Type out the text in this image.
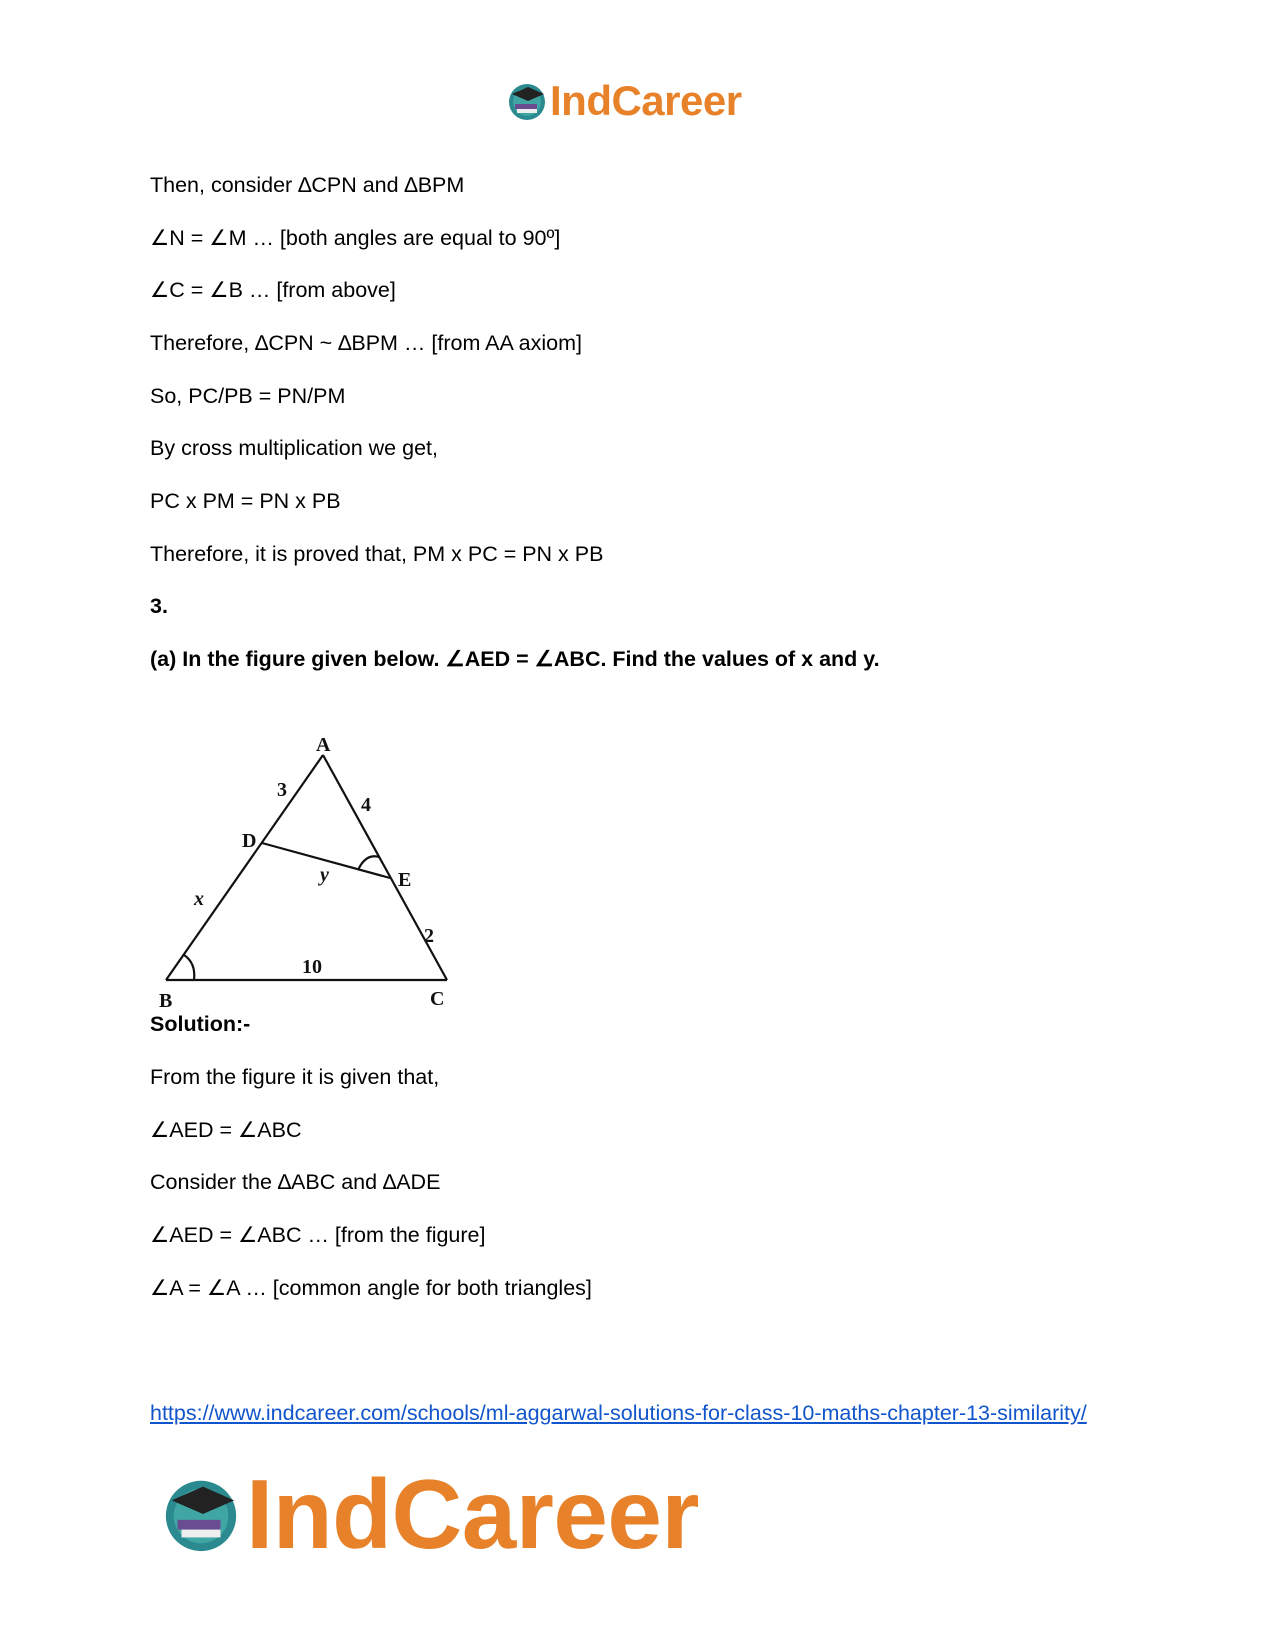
IndCareer
Then, consider ∆CPN and ∆BPM
∠N = ∠M … [both angles are equal to 90º]
∠C = ∠B … [from above]
Therefore, ∆CPN ~ ∆BPM … [from AA axiom]
So, PC/PB = PN/PM
By cross multiplication we get,
PC x PM = PN x PB
Therefore, it is proved that, PM x PC = PN x PB
3.
(a) In the figure given below. ∠AED = ∠ABC. Find the values of x and y.
A
D
E
B	C
3
4
x
y
2
10
Solution:-
From the figure it is given that,
∠AED = ∠ABC
Consider the ∆ABC and ∆ADE
∠AED = ∠ABC … [from the figure]
∠A = ∠A … [common angle for both triangles]
https://www.indcareer.com/schools/ml-aggarwal-solutions-for-class-10-maths-chapter-13-similarity/
IndCareer
